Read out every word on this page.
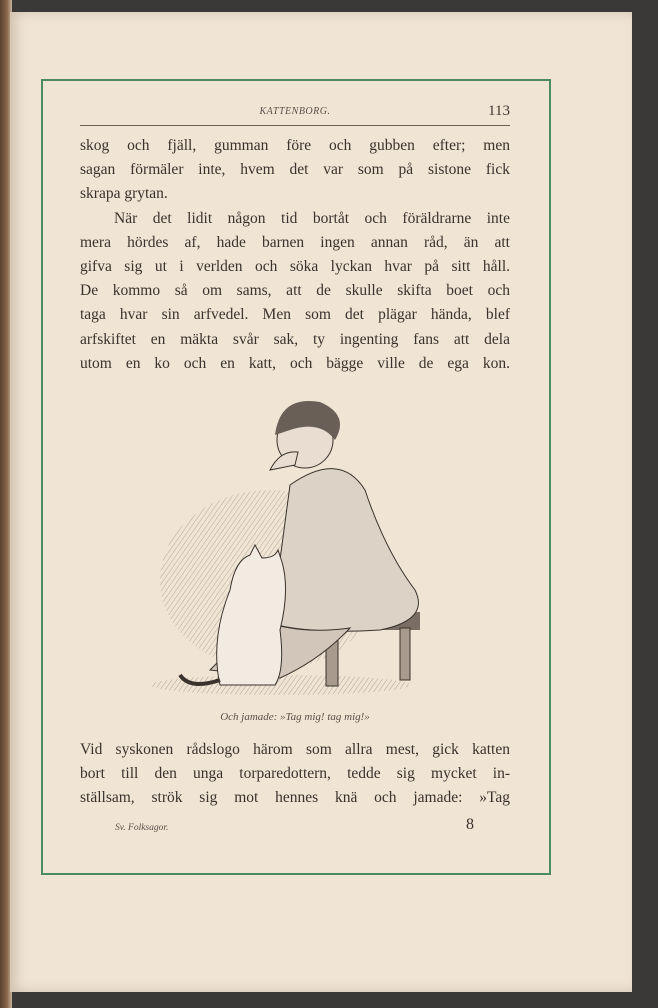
KATTENBORG.	113
skog och fjäll, gumman före och gubben efter; men
sagan förmäler inte, hvem det var som på sistone fick
skrapa grytan.
När det lidit någon tid bortåt och föräldrarne inte
mera hördes af, hade barnen ingen annan råd, än att
gifva sig ut i verlden och söka lyckan hvar på sitt håll.
De kommo så om sams, att de skulle skifta boet och
taga hvar sin arfvedel. Men som det plägar hända, blef
arfskiftet en mäkta svår sak, ty ingenting fans att dela
utom en ko och en katt, och bägge ville de ega kon.
Och jamade: »Tag mig! tag mig!»
Vid syskonen rådslogo härom som allra mest, gick katten
bort till den unga torparedottern, tedde sig mycket in-
ställsam, strök sig mot hennes knä och jamade: »Tag
Sv. Folksagor.	8
